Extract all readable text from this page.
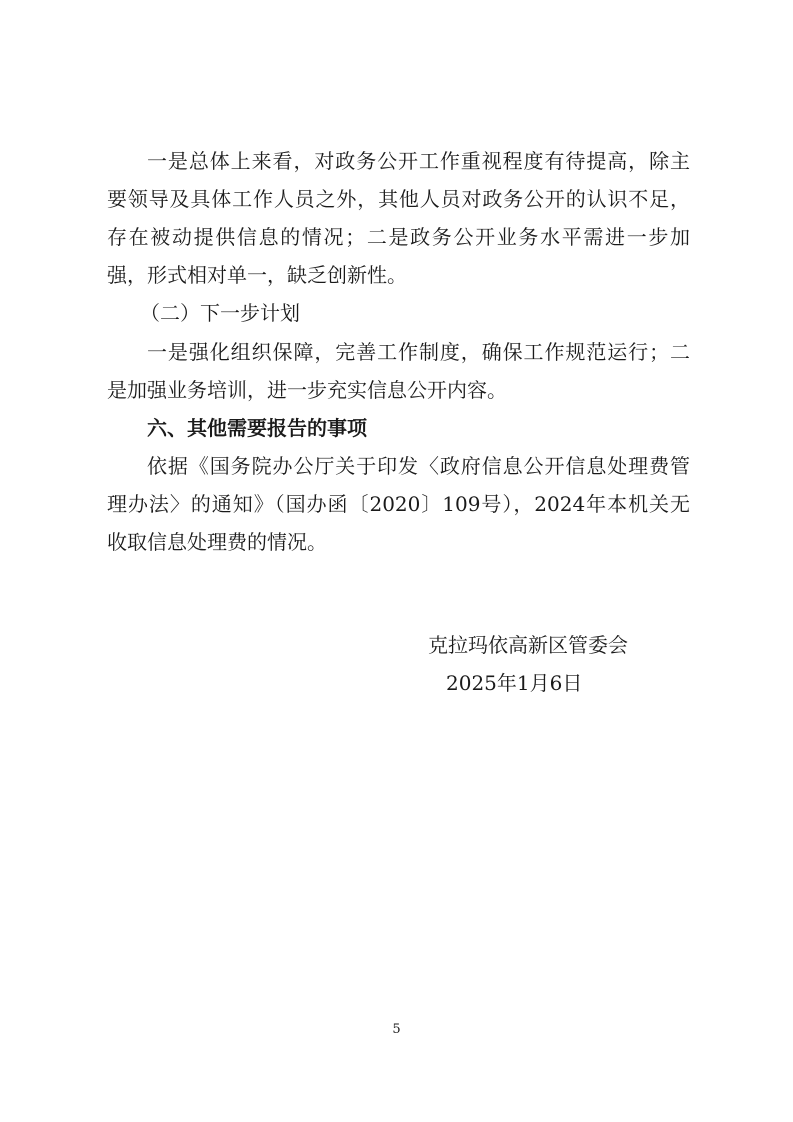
一是总体上来看，对政务公开工作重视程度有待提高，除主
要领导及具体工作人员之外，其他人员对政务公开的认识不足，
存在被动提供信息的情况；二是政务公开业务水平需进一步加
强，形式相对单一，缺乏创新性。
（二）下一步计划
一是强化组织保障，完善工作制度，确保工作规范运行；二
是加强业务培训，进一步充实信息公开内容。
六、其他需要报告的事项
依据《国务院办公厅关于印发〈政府信息公开信息处理费管
理办法〉的通知》（国办函〔2020〕109号），2024年本机关无
收取信息处理费的情况。
克拉玛依高新区管委会
2025年1月6日
5
